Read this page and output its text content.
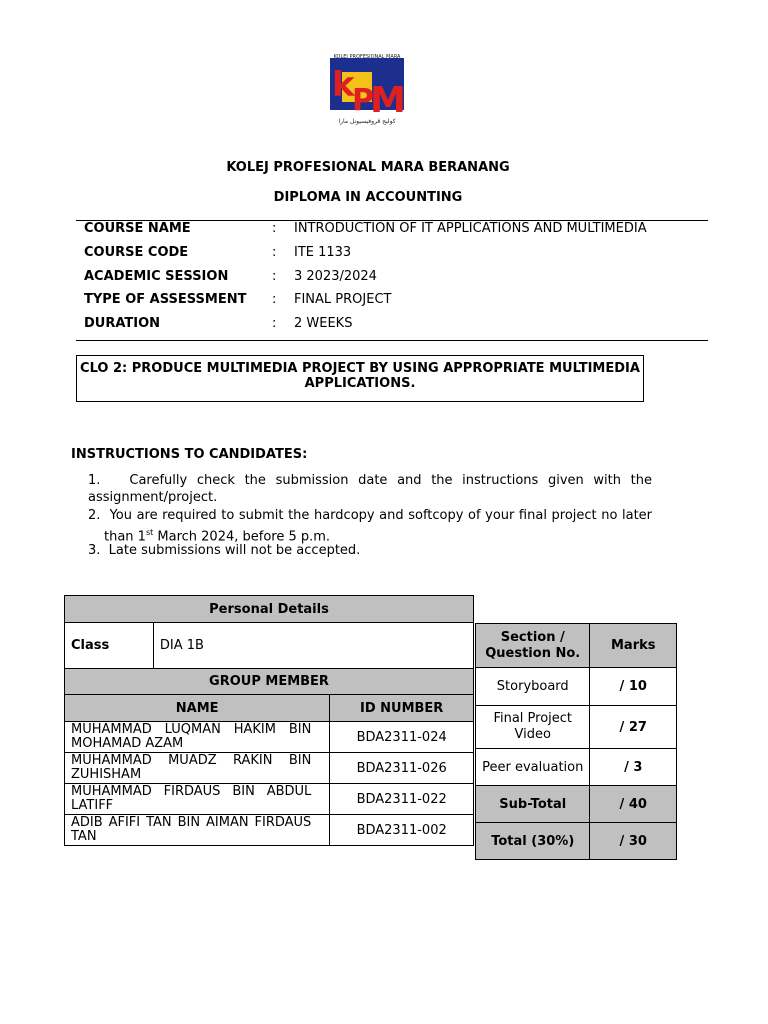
k
P
M
KOLEJ PROFESIONAL MARA
كوليج ڤروفيسيونل مارا
KOLEJ PROFESIONAL MARA BERANANG
DIPLOMA IN ACCOUNTING
COURSE NAME	: INTRODUCTION OF IT APPLICATIONS AND MULTIMEDIA
COURSE CODE	: ITE 1133
ACADEMIC SESSION	: 3 2023/2024
TYPE OF ASSESSMENT : FINAL PROJECT
DURATION	: 2 WEEKS
CLO 2: PRODUCE MULTIMEDIA PROJECT BY USING APPROPRIATE MULTIMEDIA
APPLICATIONS.
INSTRUCTIONS TO CANDIDATES:
1. Carefully check the submission date and the instructions given with the assignment/project.
2. You are required to submit the hardcopy and softcopy of your final project no later than 1st March 2024, before 5 p.m.
3. Late submissions will not be accepted.
Personal Details		
Class	DIA 1B	
GROUP MEMBER		
NAME		ID NUMBER
MUHAMMAD LUQMAN HAKIM BIN MOHAMAD AZAM		BDA2311-024
MUHAMMAD MUADZ RAKIN BIN ZUHISHAM		BDA2311-026
MUHAMMAD FIRDAUS BIN ABDUL LATIFF		BDA2311-022
ADIB AFIFI TAN BIN AIMAN FIRDAUS TAN		BDA2311-002
Section / Question No.	Marks
Storyboard	/ 10
Final Project Video	/ 27
Peer evaluation	/ 3
Sub-Total	/ 40
Total (30%)	/ 30
